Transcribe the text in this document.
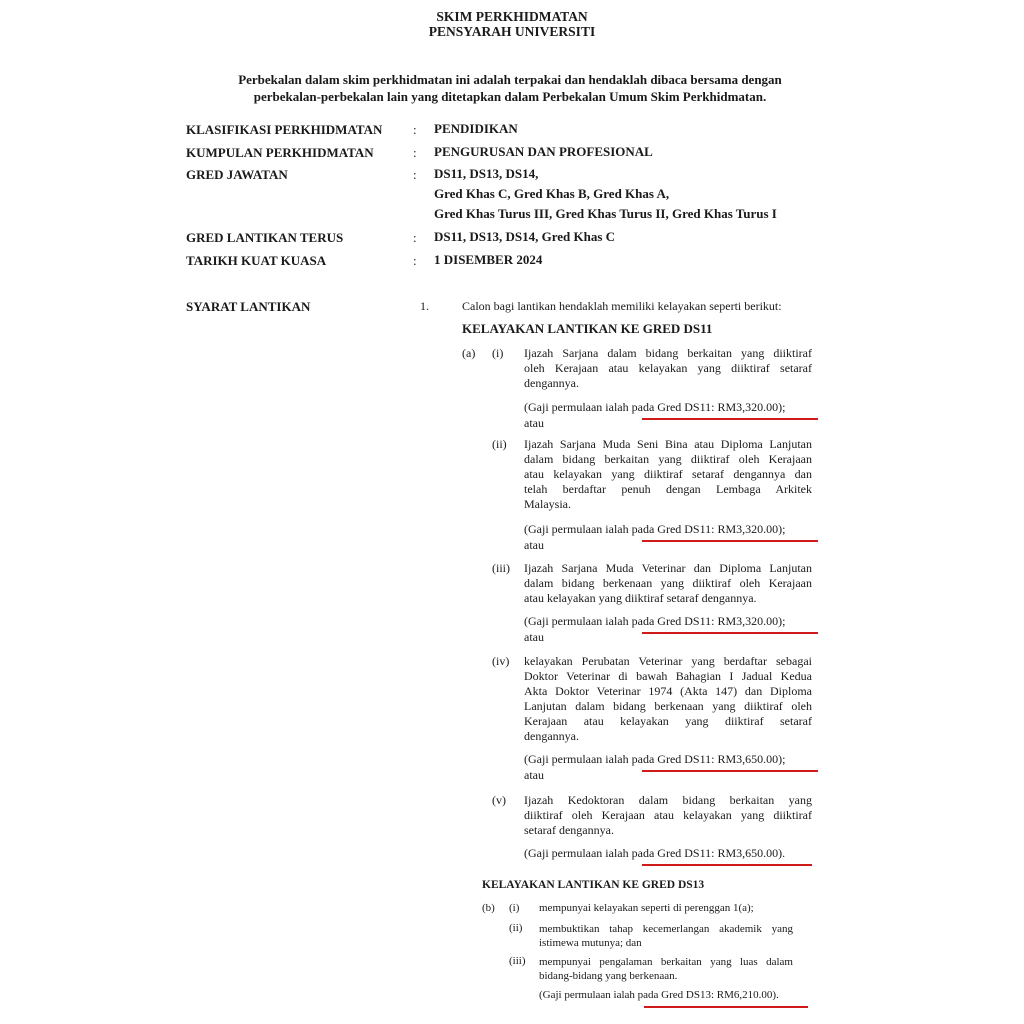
SKIM PERKHIDMATAN
PENSYARAH UNIVERSITI
Perbekalan dalam skim perkhidmatan ini adalah terpakai dan hendaklah dibaca bersama dengan
perbekalan-perbekalan lain yang ditetapkan dalam Perbekalan Umum Skim Perkhidmatan.
KLASIFIKASI PERKHIDMATAN : PENDIDIKAN
KUMPULAN PERKHIDMATAN	: PENGURUSAN DAN PROFESIONAL
GRED JAWATAN	: DS11, DS13, DS14,
Gred Khas C, Gred Khas B, Gred Khas A,
Gred Khas Turus III, Gred Khas Turus II, Gred Khas Turus I
GRED LANTIKAN TERUS	: DS11, DS13, DS14, Gred Khas C
TARIKH KUAT KUASA	: 1 DISEMBER 2024
SYARAT LANTIKAN	1.	Calon bagi lantikan hendaklah memiliki kelayakan seperti berikut:
KELAYAKAN LANTIKAN KE GRED DS11
(a) (i) Ijazah Sarjana dalam bidang berkaitan yang diiktiraf
oleh Kerajaan atau kelayakan yang diiktiraf setaraf
dengannya.
(Gaji permulaan ialah pada Gred DS11: RM3,320.00);
atau
(ii) Ijazah Sarjana Muda Seni Bina atau Diploma Lanjutan
dalam bidang berkaitan yang diiktiraf oleh Kerajaan
atau kelayakan yang diiktiraf setaraf dengannya dan
telah berdaftar penuh dengan Lembaga Arkitek
Malaysia.
(Gaji permulaan ialah pada Gred DS11: RM3,320.00);
atau
(iii) Ijazah Sarjana Muda Veterinar dan Diploma Lanjutan
dalam bidang berkenaan yang diiktiraf oleh Kerajaan
atau kelayakan yang diiktiraf setaraf dengannya.
(Gaji permulaan ialah pada Gred DS11: RM3,320.00);
atau
(iv) kelayakan Perubatan Veterinar yang berdaftar sebagai
Doktor Veterinar di bawah Bahagian I Jadual Kedua
Akta Doktor Veterinar 1974 (Akta 147) dan Diploma
Lanjutan dalam bidang berkenaan yang diiktiraf oleh
Kerajaan atau kelayakan yang diiktiraf setaraf
dengannya.
(Gaji permulaan ialah pada Gred DS11: RM3,650.00);
atau
(v) Ijazah Kedoktoran dalam bidang berkaitan yang
diiktiraf oleh Kerajaan atau kelayakan yang diiktiraf
setaraf dengannya.
(Gaji permulaan ialah pada Gred DS11: RM3,650.00).
KELAYAKAN LANTIKAN KE GRED DS13
(b) (i) mempunyai kelayakan seperti di perenggan 1(a);
(ii) membuktikan tahap kecemerlangan akademik yang
istimewa mutunya; dan
(iii) mempunyai pengalaman berkaitan yang luas dalam
bidang-bidang yang berkenaan.
(Gaji permulaan ialah pada Gred DS13: RM6,210.00).
